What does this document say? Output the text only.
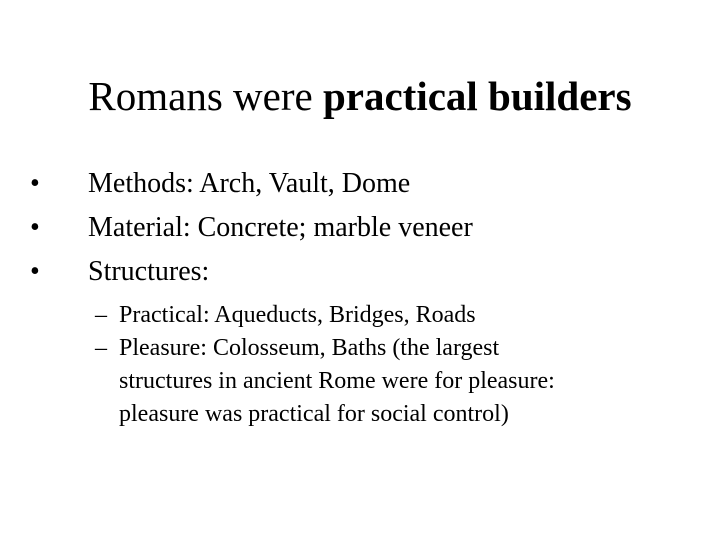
Romans were practical builders
•	Methods: Arch, Vault, Dome
•	Material: Concrete; marble veneer
•	Structures:
– Practical: Aqueducts, Bridges, Roads
– Pleasure: Colosseum, Baths (the largest
structures in ancient Rome were for pleasure:
pleasure was practical for social control)
